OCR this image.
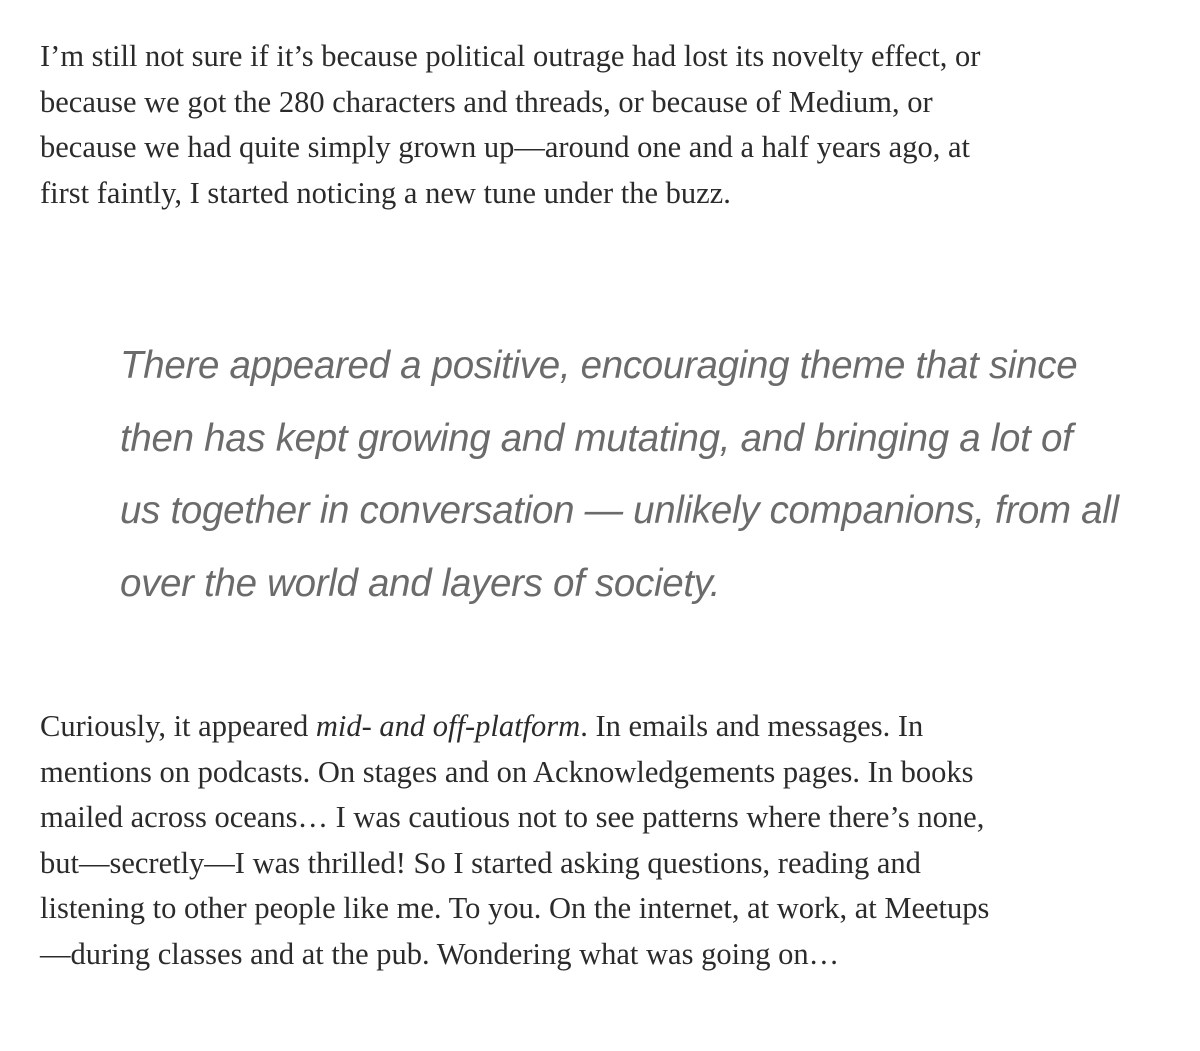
I’m still not sure if it’s because political outrage had lost its novelty effect, or
because we got the 280 characters and threads, or because of Medium, or
because we had quite simply grown up—around one and a half years ago, at
first faintly, I started noticing a new tune under the buzz.

There appeared a positive, encouraging theme that since
then has kept growing and mutating, and bringing a lot of
us together in conversation — unlikely companions, from all
over the world and layers of society.

Curiously, it appeared mid- and off-platform. In emails and messages. In
mentions on podcasts. On stages and on Acknowledgements pages. In books
mailed across oceans… I was cautious not to see patterns where there’s none,
but—secretly—I was thrilled! So I started asking questions, reading and
listening to other people like me. To you. On the internet, at work, at Meetups
—during classes and at the pub. Wondering what was going on…
